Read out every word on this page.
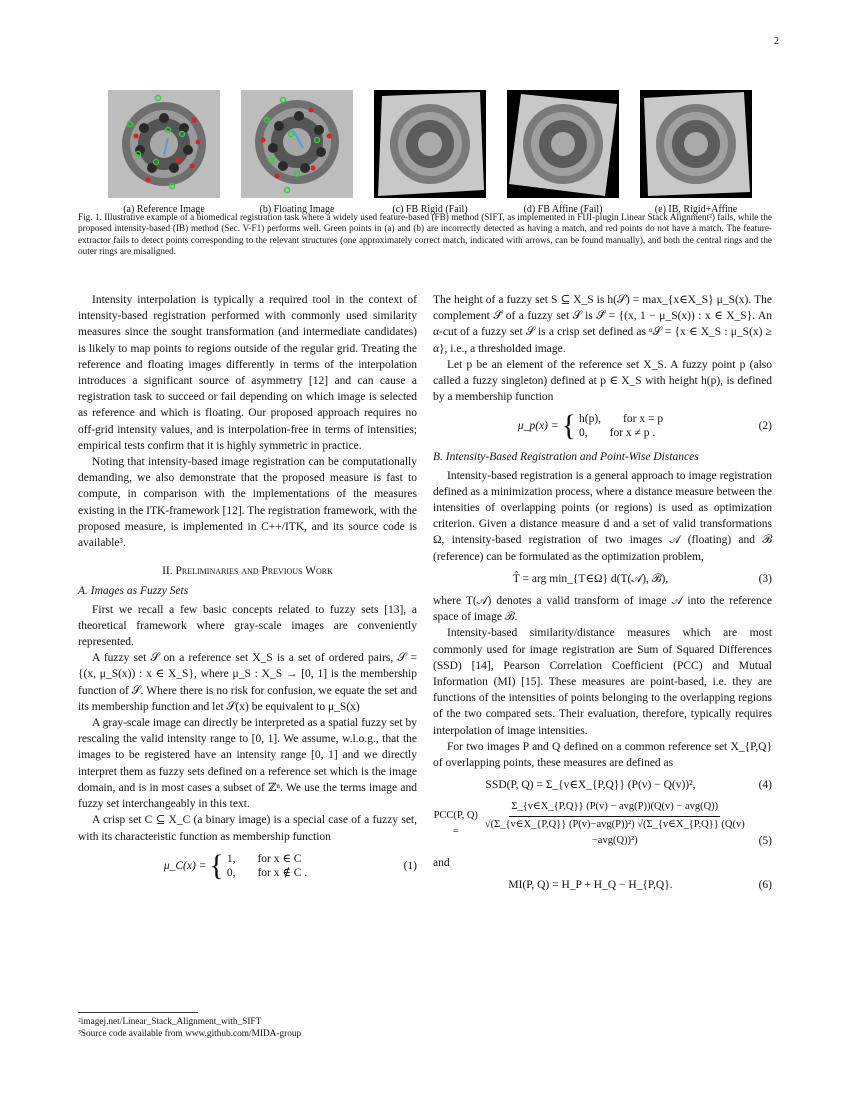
2
(a) Reference Image	(b) Floating Image	(c) FB Rigid (Fail)	(d) FB Affine (Fail)	(e) IB, Rigid+Affine
Fig. 1. Illustrative example of a biomedical registration task where a widely used feature-based (FB) method (SIFT, as implemented in FIJI-plugin Linear Stack Alignment²) fails, while the proposed intensity-based (IB) method (Sec. V-F1) performs well. Green points in (a) and (b) are incorrectly detected as having a match, and red points do not have a match. The feature-extractor fails to detect points corresponding to the relevant structures (one approximately correct match, indicated with arrows, can be found manually), and both the central rings and the outer rings are misaligned.

Intensity interpolation is typically a required tool in the context of intensity-based registration performed with commonly used similarity measures since the sought transformation (and intermediate candidates) is likely to map points to regions outside of the regular grid. Treating the reference and floating images differently in terms of the interpolation introduces a significant source of asymmetry [12] and can cause a registration task to succeed or fail depending on which image is selected as reference and which is floating. Our proposed approach requires no off-grid intensity values, and is interpolation-free in terms of intensities; empirical tests confirm that it is highly symmetric in practice.

Noting that intensity-based image registration can be computationally demanding, we also demonstrate that the proposed measure is fast to compute, in comparison with the implementations of the measures existing in the ITK-framework [12]. The registration framework, with the proposed measure, is implemented in C++/ITK, and its source code is available³.

II. Preliminaries and Previous Work
A. Images as Fuzzy Sets

First we recall a few basic concepts related to fuzzy sets [13], a theoretical framework where gray-scale images are conveniently represented.

A fuzzy set 𝒮 on a reference set X_S is a set of ordered pairs, 𝒮 = {(x, μ_S(x)) : x ∈ X_S}, where μ_S : X_S → [0, 1] is the membership function of 𝒮. Where there is no risk for confusion, we equate the set and its membership function and let 𝒮(x) be equivalent to μ_S(x)

A gray-scale image can directly be interpreted as a spatial fuzzy set by rescaling the valid intensity range to [0, 1]. We assume, w.l.o.g., that the images to be registered have an intensity range [0, 1] and we directly interpret them as fuzzy sets defined on a reference set which is the image domain, and is in most cases a subset of ℤⁿ. We use the terms image and fuzzy set interchangeably in this text.

A crisp set C ⊆ X_C (a binary image) is a special case of a fuzzy set, with its characteristic function as membership function

μ_C(x) = { 1, for x ∈ C
0, for x ∉ C .
(1)
²imagej.net/Linear_Stack_Alignment_with_SIFT
³Source code available from www.github.com/MIDA-group

The height of a fuzzy set S ⊆ X_S is h(𝒮) = max_{x∈X_S} μ_S(x). The complement 𝒮̄ of a fuzzy set 𝒮 is 𝒮̄ = {(x, 1 − μ_S(x)) : x ∈ X_S}. An α-cut of a fuzzy set 𝒮 is a crisp set defined as ᵅ𝒮 = {x ∈ X_S : μ_S(x) ≥ α}, i.e., a thresholded image.

Let p be an element of the reference set X_S. A fuzzy point p (also called a fuzzy singleton) defined at p ∈ X_S with height h(p), is defined by a membership function

μ_p(x) = { h(p), for x = p
0, for x ≠ p .
(2)
B. Intensity-Based Registration and Point-Wise Distances

Intensity-based registration is a general approach to image registration defined as a minimization process, where a distance measure between the intensities of overlapping points (or regions) is used as optimization criterion. Given a distance measure d and a set of valid transformations Ω, intensity-based registration of two images 𝒜 (floating) and ℬ (reference) can be formulated as the optimization problem,

T̂ = arg min_{T∈Ω} d(T(𝒜), ℬ),	(3)

where T(𝒜) denotes a valid transform of image 𝒜 into the reference space of image ℬ.

Intensity-based similarity/distance measures which are most commonly used for image registration are Sum of Squared Differences (SSD) [14], Pearson Correlation Coefficient (PCC) and Mutual Information (MI) [15]. These measures are point-based, i.e. they are functions of the intensities of points belonging to the overlapping regions of the two compared sets. Their evaluation, therefore, typically requires interpolation of image intensities.

For two images P and Q defined on a common reference set X_{P,Q} of overlapping points, these measures are defined as

SSD(P, Q) = Σ_{v∈X_{P,Q}} (P(v) − Q(v))²,	(4)
PCC(P, Q) =
Σ_{v∈X_{P,Q}} (P(v) − avg(P))(Q(v) − avg(Q))
√(Σ_{v∈X_{P,Q}} (P(v)−avg(P))²) √(Σ_{v∈X_{P,Q}} (Q(v)−avg(Q))²)	(5)

and

MI(P, Q) = H_P + H_Q − H_{P,Q}.	(6)
